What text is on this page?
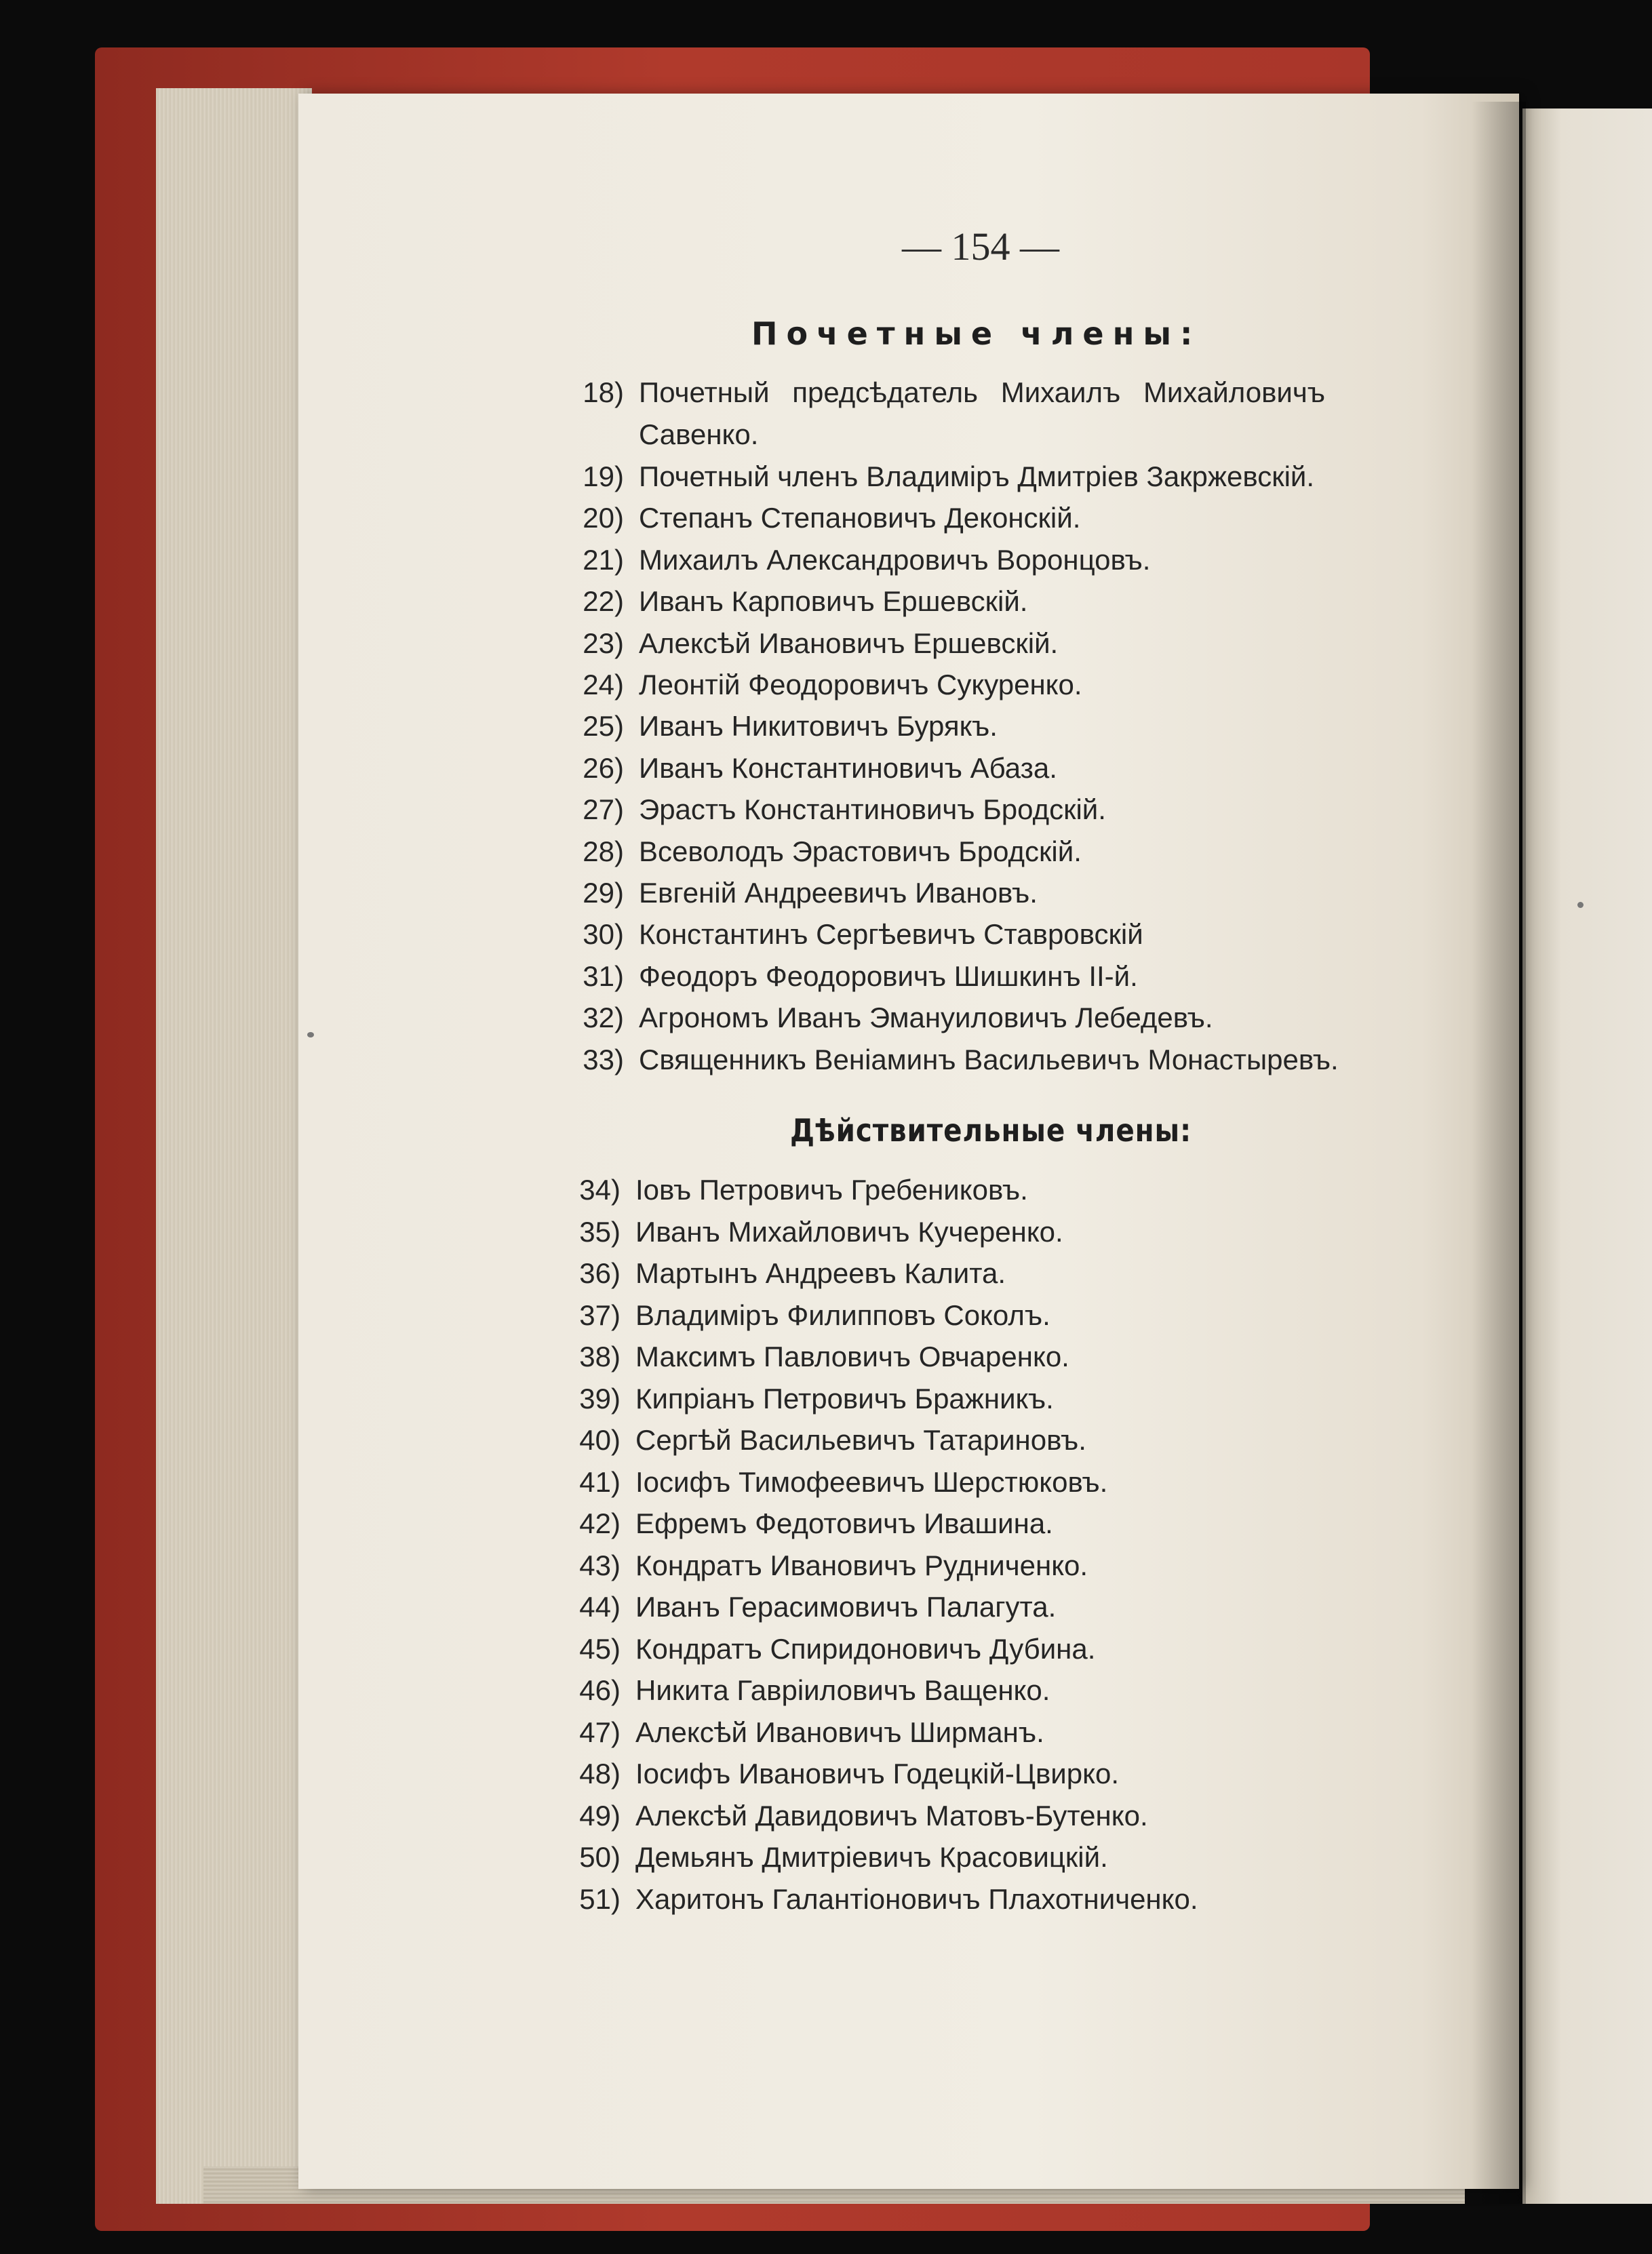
— 154 —
Почетные члены:
Дѣйствительные члены:
18) Почетный предсѣдатель Михаилъ Михайловичъ
Савенко.
19) Почетный членъ Владиміръ Дмитріев Закржевскій.
20) Степанъ Степановичъ Деконскій.
21) Михаилъ Александровичъ Воронцовъ.
22) Иванъ Карповичъ Ершевскій.
23) Алексѣй Ивановичъ Ершевскій.
24) Леонтій Феодоровичъ Сукуренко.
25) Иванъ Никитовичъ Бурякъ.
26) Иванъ Константиновичъ Абаза.
27) Эрастъ Константиновичъ Бродскій.
28) Всеволодъ Эрастовичъ Бродскій.
29) Евгеній Андреевичъ Ивановъ.
30) Константинъ Сергѣевичъ Ставровскій
31) Феодоръ Феодоровичъ Шишкинъ II-й.
32) Агрономъ Иванъ Эмануиловичъ Лебедевъ.
33) Священникъ Веніаминъ Васильевичъ Монастыревъ.
34) Іовъ Петровичъ Гребениковъ.
35) Иванъ Михайловичъ Кучеренко.
36) Мартынъ Андреевъ Калита.
37) Владиміръ Филипповъ Соколъ.
38) Максимъ Павловичъ Овчаренко.
39) Кипріанъ Петровичъ Бражникъ.
40) Сергѣй Васильевичъ Татариновъ.
41) Іосифъ Тимофеевичъ Шерстюковъ.
42) Ефремъ Федотовичъ Ивашина.
43) Кондратъ Ивановичъ Рудниченко.
44) Иванъ Герасимовичъ Палагута.
45) Кондратъ Спиридоновичъ Дубина.
46) Никита Гавріиловичъ Ващенко.
47) Алексѣй Ивановичъ Ширманъ.
48) Іосифъ Ивановичъ Годецкій-Цвирко.
49) Алексѣй Давидовичъ Матовъ-Бутенко.
50) Демьянъ Дмитріевичъ Красовицкій.
51) Харитонъ Галантіоновичъ Плахотниченко.
